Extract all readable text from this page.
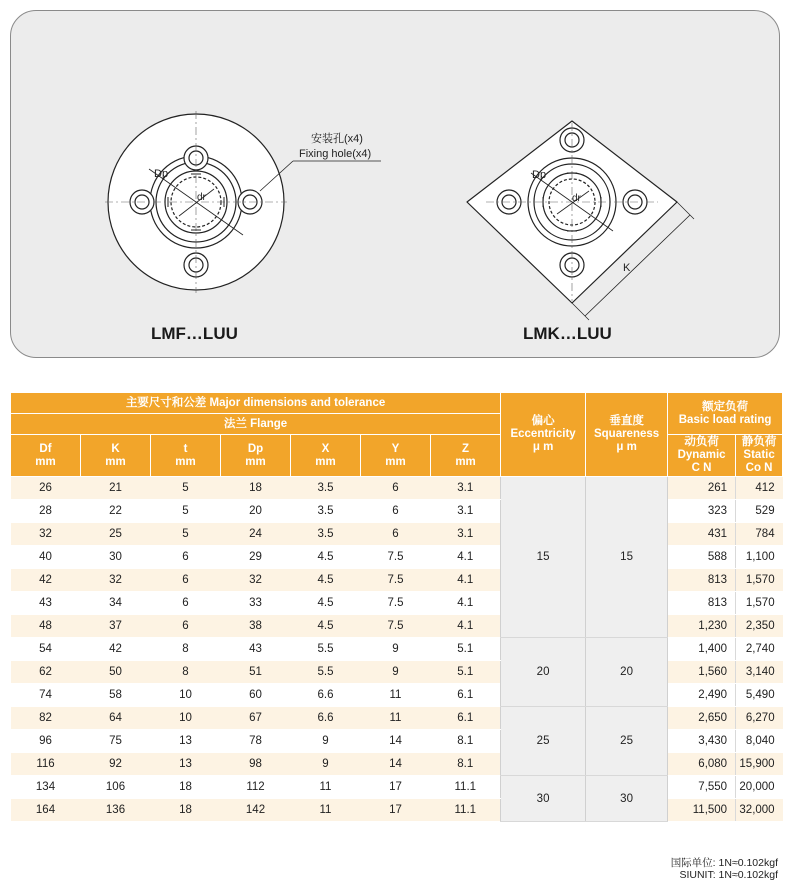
Dp
dr
安装孔(x4)
Fixing hole(x4)
Dp
dr
K
LMF…LUU	LMK…LUU
主要尺寸和公差 Major dimensions and tolerance							偏心
Eccentricity
μ m	垂直度
Squareness
μ m	额定负荷
Basic load rating	

法兰 Flange										

Df
mm	K
mm	t
mm	Dp
mm	X
mm	Y
mm	Z
mm			动负荷
Dynamic
C N	静负荷
Static
Co N

26	21	5	18	3.5	6	3.1	15	15	261	412
28	22	5	20	3.5	6	3.1			323	529
32	25	5	24	3.5	6	3.1			431	784
40	30	6	29	4.5	7.5	4.1			588	1,100
42	32	6	32	4.5	7.5	4.1			813	1,570
43	34	6	33	4.5	7.5	4.1			813	1,570
48	37	6	38	4.5	7.5	4.1			1,230	2,350
54	42	8	43	5.5	9	5.1	20	20	1,400	2,740
62	50	8	51	5.5	9	5.1			1,560	3,140
74	58	10	60	6.6	11	6.1			2,490	5,490
82	64	10	67	6.6	11	6.1	25	25	2,650	6,270
96	75	13	78	9	14	8.1			3,430	8,040
116	92	13	98	9	14	8.1			6,080	15,900
134	106	18	112	11	17	11.1	30	30	7,550	20,000
164	136	18	142	11	17	11.1			11,500	32,000
国际单位: 1N≈0.102kgf
SIUNIT: 1N≈0.102kgf
